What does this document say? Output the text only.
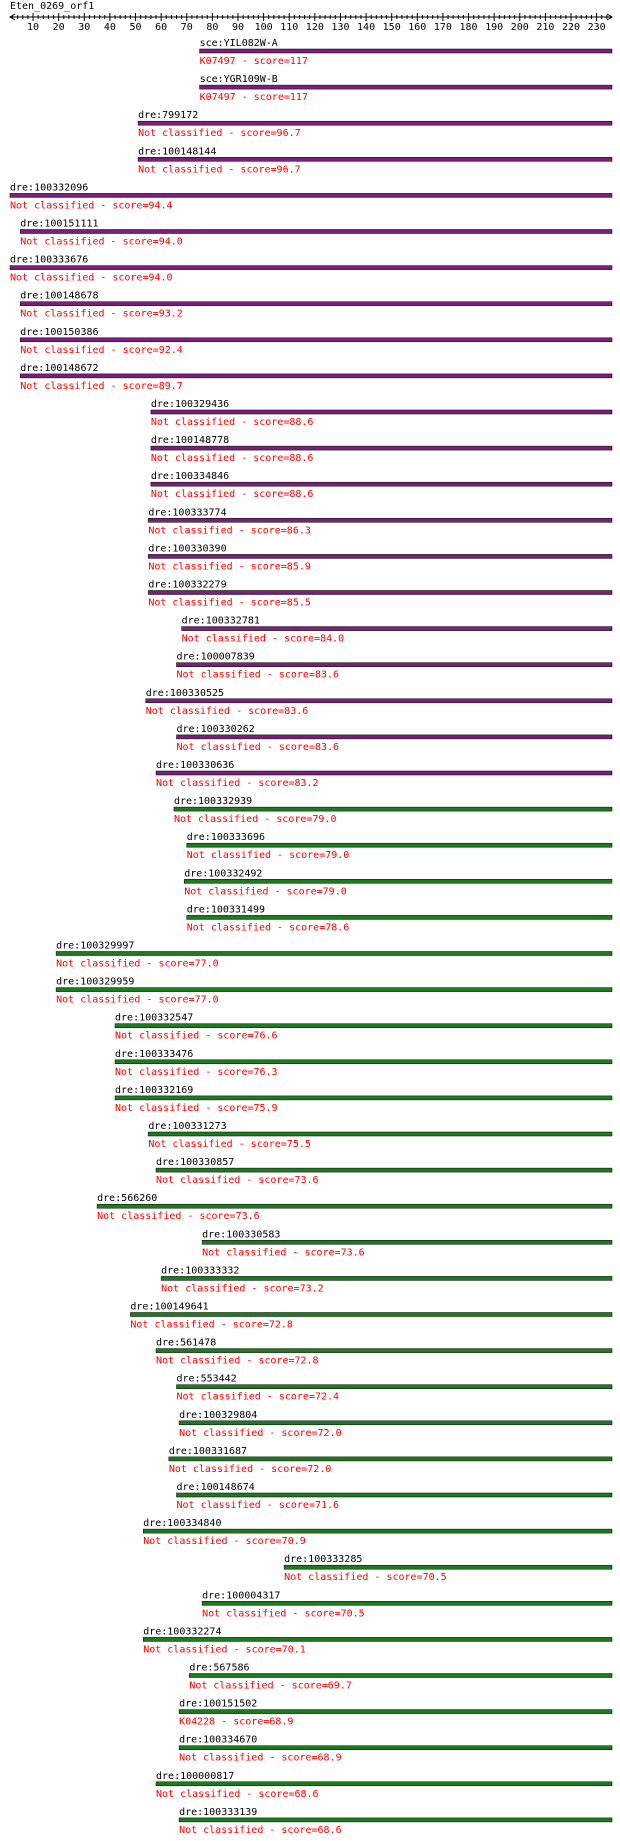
Eten_0269_orf1
10 20 30 40 50 60 70 80 90 100 110 120 130 140 150 160 170 180 190 200 210 220 230
sce:YIL082W-A
K07497 - score=117
sce:YGR109W-B
K07497 - score=117
dre:799172
Not classified - score=96.7
dre:100148144
Not classified - score=96.7
dre:100332096
Not classified - score=94.4
dre:100151111
Not classified - score=94.0
dre:100333676
Not classified - score=94.0
dre:100148678
Not classified - score=93.2
dre:100150386
Not classified - score=92.4
dre:100148672
Not classified - score=89.7
dre:100329436
Not classified - score=88.6
dre:100148778
Not classified - score=88.6
dre:100334846
Not classified - score=88.6
dre:100333774
Not classified - score=86.3
dre:100330390
Not classified - score=85.9
dre:100332279
Not classified - score=85.5
dre:100332781
Not classified - score=84.0
dre:100007839
Not classified - score=83.6
dre:100330525
Not classified - score=83.6
dre:100330262
Not classified - score=83.6
dre:100330636
Not classified - score=83.2
dre:100332939
Not classified - score=79.0
dre:100333696
Not classified - score=79.0
dre:100332492
Not classified - score=79.0
dre:100331499
Not classified - score=78.6
dre:100329997
Not classified - score=77.0
dre:100329959
Not classified - score=77.0
dre:100332547
Not classified - score=76.6
dre:100333476
Not classified - score=76.3
dre:100332169
Not classified - score=75.9
dre:100331273
Not classified - score=75.5
dre:100330857
Not classified - score=73.6
dre:566260
Not classified - score=73.6
dre:100330583
Not classified - score=73.6
dre:100333332
Not classified - score=73.2
dre:100149641
Not classified - score=72.8
dre:561478
Not classified - score=72.8
dre:553442
Not classified - score=72.4
dre:100329804
Not classified - score=72.0
dre:100331687
Not classified - score=72.0
dre:100148674
Not classified - score=71.6
dre:100334840
Not classified - score=70.9
dre:100333285
Not classified - score=70.5
dre:100004317
Not classified - score=70.5
dre:100332274
Not classified - score=70.1
dre:567586
Not classified - score=69.7
dre:100151502
K04228 - score=68.9
dre:100334670
Not classified - score=68.9
dre:100000817
Not classified - score=68.6
dre:100333139
Not classified - score=68.6
